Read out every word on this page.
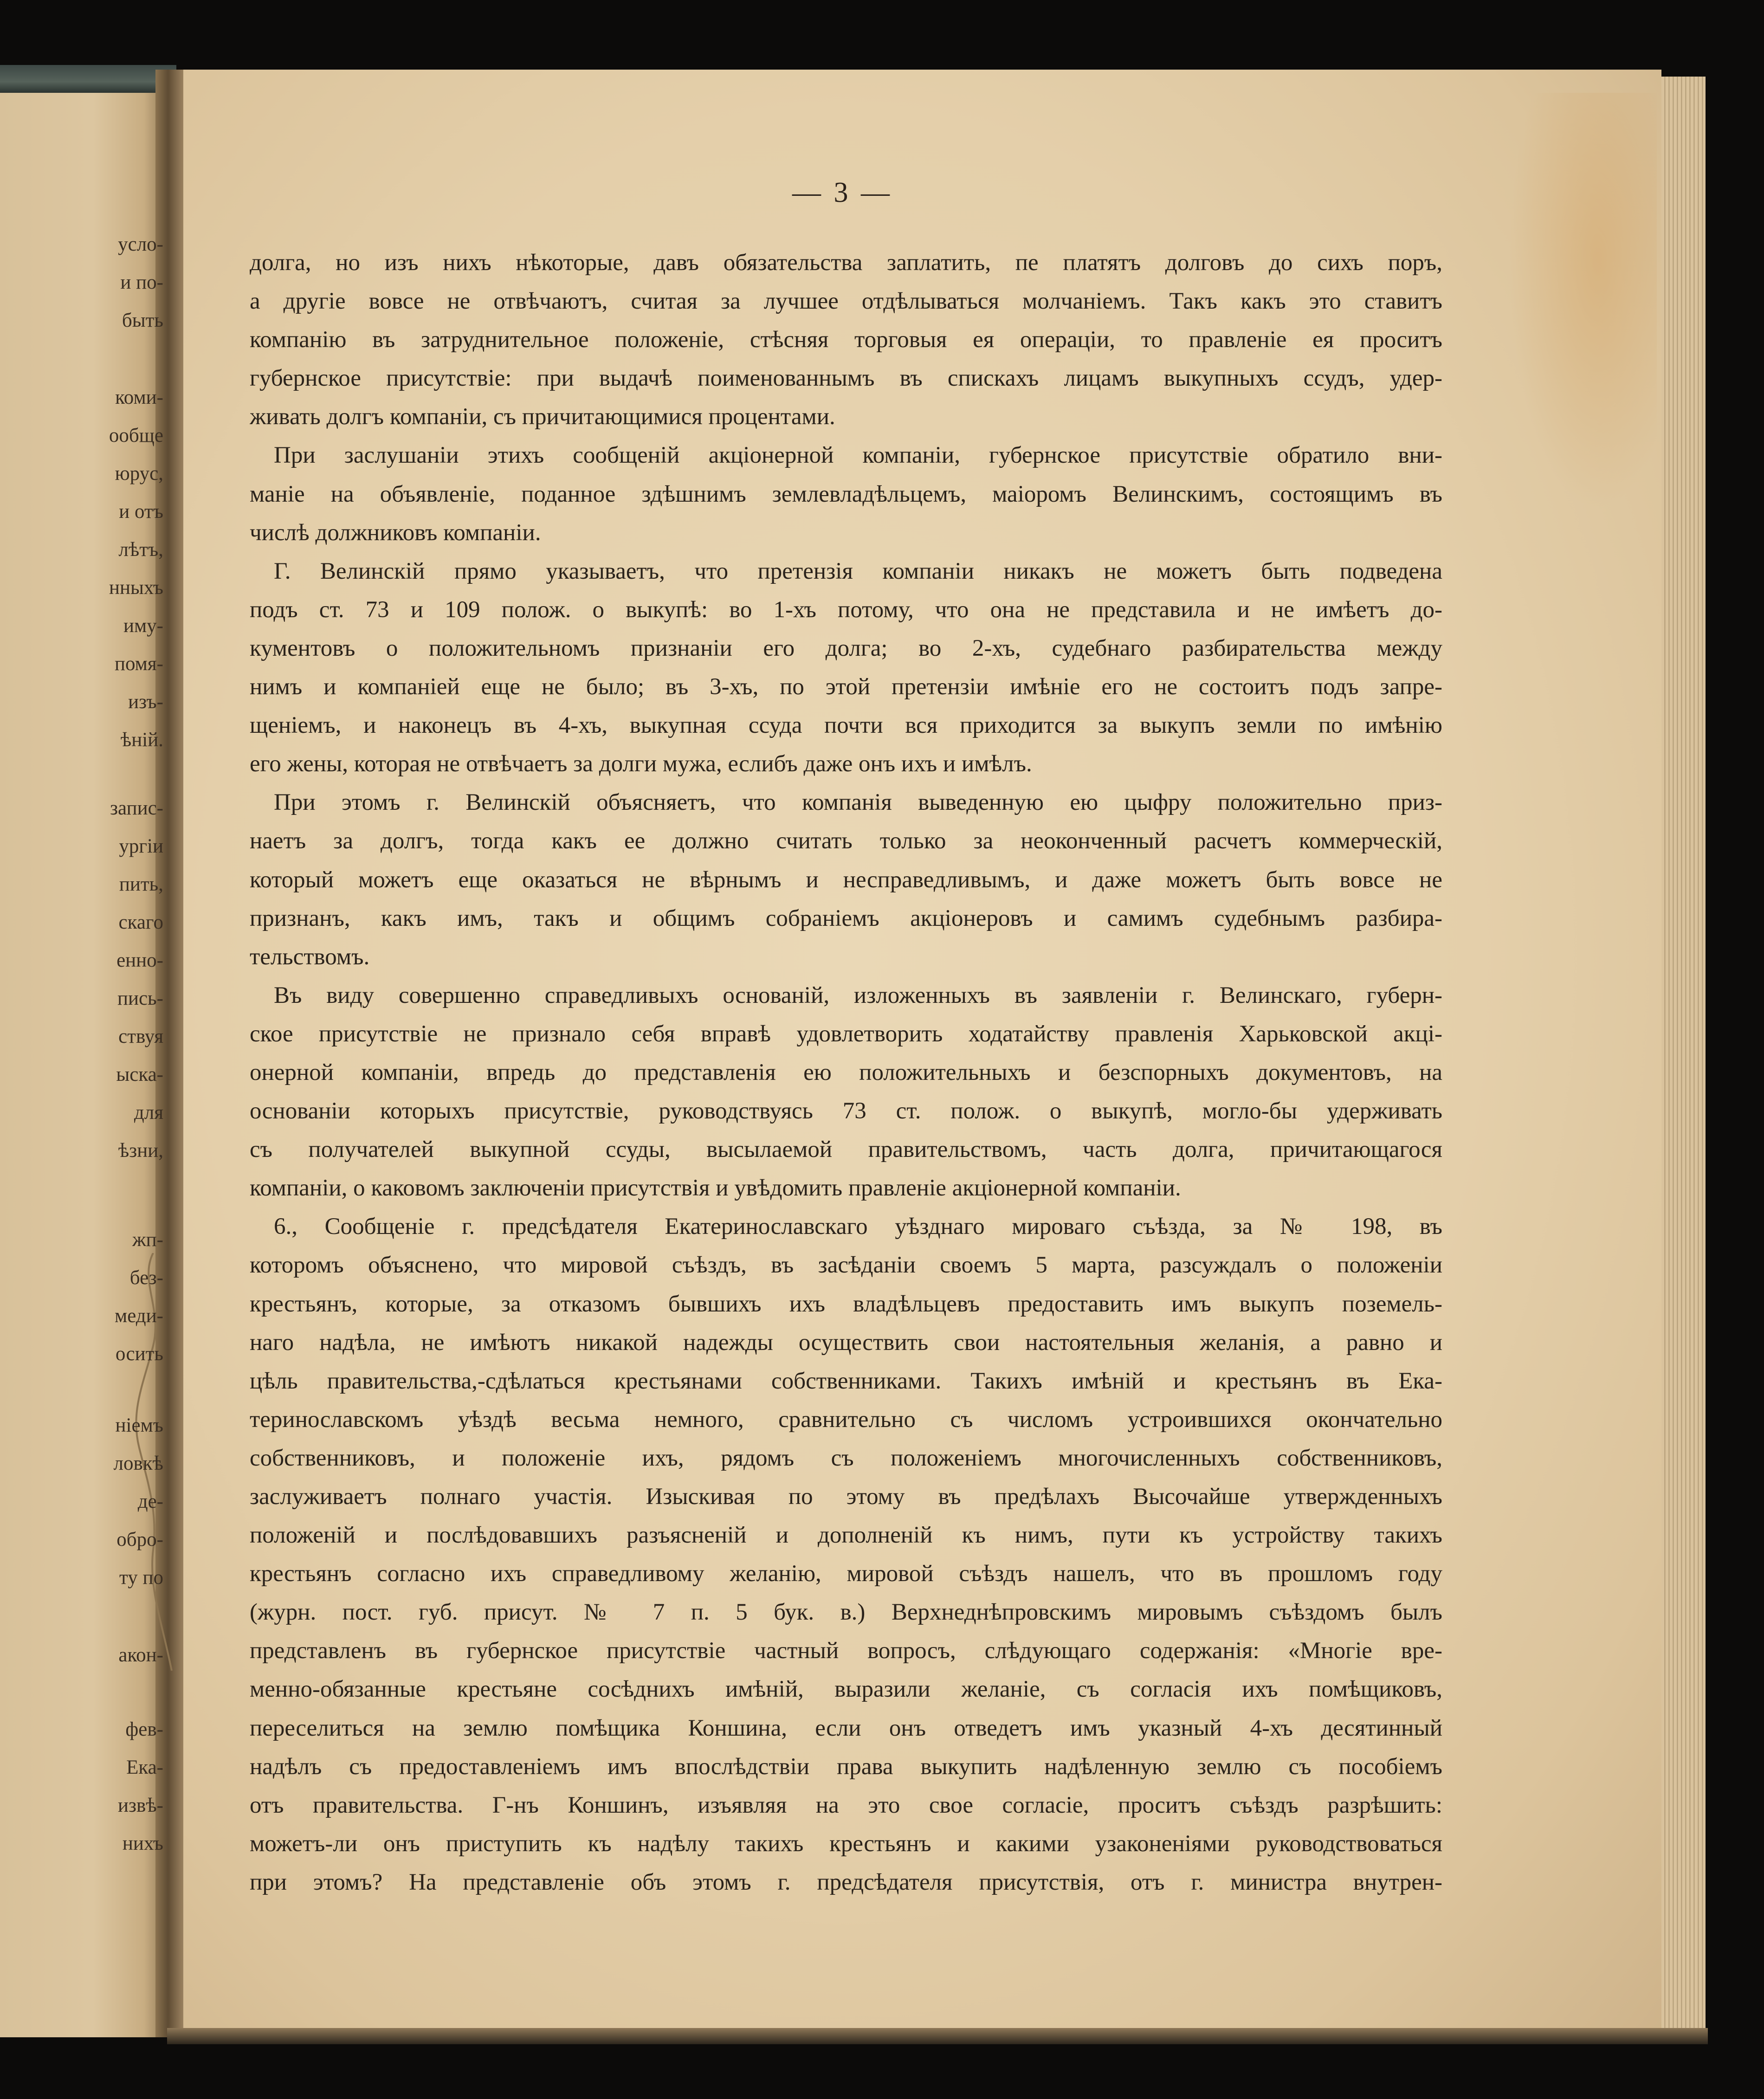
усло-
и по-
быть
коми-
ообще
юрус,
и отъ
лѣтъ,
нныхъ
иму-
помя-
изъ-
ѣній.
запис-
ургіи
пить,
скаго
енно-
пись-
ствуя
ыска-
для
ѣзни,
жп-
без-
меди-
осить
ніемъ
ловкѣ
де-
обро-
ту по
акон-
фев-
Ека-
извѣ-
нихъ
— 3 —
долга, но изъ нихъ нѣкоторые, давъ обязательства заплатить, пе платятъ долговъ до сихъ поръ,
а другіе вовсе не отвѣчаютъ, считая за лучшее отдѣлываться молчаніемъ. Такъ какъ это ставитъ
компанію въ затруднительное положеніе, стѣсняя торговыя ея операціи, то правленіе ея проситъ
губернское присутствіе: при выдачѣ поименованнымъ въ спискахъ лицамъ выкупныхъ ссудъ, удер-
живать долгъ компаніи, съ причитающимися процентами.
При заслушаніи этихъ сообщеній акціонерной компаніи, губернское присутствіе обратило вни-
маніе на объявленіе, поданное здѣшнимъ землевладѣльцемъ, маіоромъ Велинскимъ, состоящимъ въ
числѣ должниковъ компаніи.
Г. Велинскій прямо указываетъ, что претензія компаніи никакъ не можетъ быть подведена
подъ ст. 73 и 109 полож. о выкупѣ: во 1-хъ потому, что она не представила и не имѣетъ до-
кументовъ о положительномъ признаніи его долга; во 2-хъ, судебнаго разбирательства между
нимъ и компаніей еще не было; въ 3-хъ, по этой претензіи имѣніе его не состоитъ подъ запре-
щеніемъ, и наконецъ въ 4-хъ, выкупная ссуда почти вся приходится за выкупъ земли по имѣнію
его жены, которая не отвѣчаетъ за долги мужа, еслибъ даже онъ ихъ и имѣлъ.
При этомъ г. Велинскій объясняетъ, что компанія выведенную ею цыфру положительно приз-
наетъ за долгъ, тогда какъ ее должно считать только за неоконченный расчетъ коммерческій,
который можетъ еще оказаться не вѣрнымъ и несправедливымъ, и даже можетъ быть вовсе не
признанъ, какъ имъ, такъ и общимъ собраніемъ акціонеровъ и самимъ судебнымъ разбира-
тельствомъ.
Въ виду совершенно справедливыхъ основаній, изложенныхъ въ заявленіи г. Велинскаго, губерн-
ское присутствіе не признало себя вправѣ удовлетворить ходатайству правленія Харьковской акці-
онерной компаніи, впредь до представленія ею положительныхъ и безспорныхъ документовъ, на
основаніи которыхъ присутствіе, руководствуясь 73 ст. полож. о выкупѣ, могло-бы удерживать
съ получателей выкупной ссуды, высылаемой правительствомъ, часть долга, причитающагося
компаніи, о каковомъ заключеніи присутствія и увѣдомить правленіе акціонерной компаніи.
6., Сообщеніе г. предсѣдателя Екатеринославскаго уѣзднаго мироваго съѣзда, за № 198, въ
которомъ объяснено, что мировой съѣздъ, въ засѣданіи своемъ 5 марта, разсуждалъ о положеніи
крестьянъ, которые, за отказомъ бывшихъ ихъ владѣльцевъ предоставить имъ выкупъ поземель-
наго надѣла, не имѣютъ никакой надежды осуществить свои настоятельныя желанія, а равно и
цѣль правительства,-сдѣлаться крестьянами собственниками. Такихъ имѣній и крестьянъ въ Ека-
теринославскомъ уѣздѣ весьма немного, сравнительно съ числомъ устроившихся окончательно
собственниковъ, и положеніе ихъ, рядомъ съ положеніемъ многочисленныхъ собственниковъ,
заслуживаетъ полнаго участія. Изыскивая по этому въ предѣлахъ Высочайше утвержденныхъ
положеній и послѣдовавшихъ разъясненій и дополненій къ нимъ, пути къ устройству такихъ
крестьянъ согласно ихъ справедливому желанію, мировой съѣздъ нашелъ, что въ прошломъ году
(журн. пост. губ. присут. № 7 п. 5 бук. в.) Верхнеднѣпровскимъ мировымъ съѣздомъ былъ
представленъ въ губернское присутствіе частный вопросъ, слѣдующаго содержанія: «Многіе вре-
менно-обязанные крестьяне сосѣднихъ имѣній, выразили желаніе, съ согласія ихъ помѣщиковъ,
переселиться на землю помѣщика Коншина, если онъ отведетъ имъ указный 4-хъ десятинный
надѣлъ съ предоставленіемъ имъ впослѣдствіи права выкупить надѣленную землю съ пособіемъ
отъ правительства. Г-нъ Коншинъ, изъявляя на это свое согласіе, проситъ съѣздъ разрѣшить:
можетъ-ли онъ приступить къ надѣлу такихъ крестьянъ и какими узаконеніями руководствоваться
при этомъ? На представленіе объ этомъ г. предсѣдателя присутствія, отъ г. министра внутрен-
